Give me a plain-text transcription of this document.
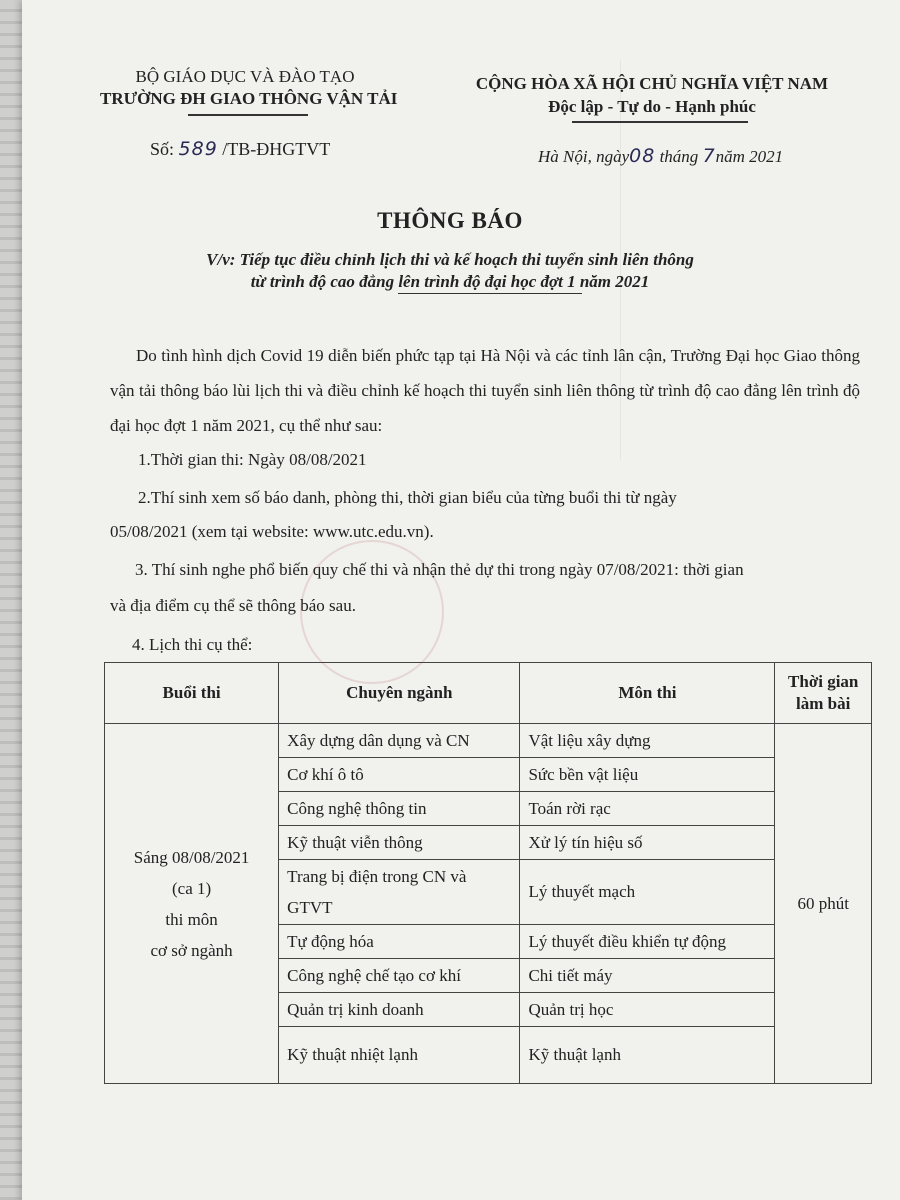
BỘ GIÁO DỤC VÀ ĐÀO TẠO
TRƯỜNG ĐH GIAO THÔNG VẬN TẢI
CỘNG HÒA XÃ HỘI CHỦ NGHĨA VIỆT NAM
Độc lập - Tự do - Hạnh phúc
Số: 589 /TB-ĐHGTVT	Hà Nội, ngày08 tháng 7năm 2021
THÔNG BÁO
V/v: Tiếp tục điều chỉnh lịch thi và kế hoạch thi tuyển sinh liên thông
từ trình độ cao đẳng lên trình độ đại học đợt 1 năm 2021
Do tình hình dịch Covid 19 diễn biến phức tạp tại Hà Nội và các tỉnh lân cận, Trường Đại học Giao thông vận tải thông báo lùi lịch thi và điều chỉnh kế hoạch thi tuyển sinh liên thông từ trình độ cao đẳng lên trình độ đại học đợt 1 năm 2021, cụ thể như sau:
1.Thời gian thi: Ngày 08/08/2021
2.Thí sinh xem số báo danh, phòng thi, thời gian biểu của từng buổi thi từ ngày
05/08/2021 (xem tại website: www.utc.edu.vn).
3. Thí sinh nghe phổ biến quy chế thi và nhận thẻ dự thi trong ngày 07/08/2021: thời gian
và địa điểm cụ thể sẽ thông báo sau.
4. Lịch thi cụ thể:
Buổi thi	Chuyên ngành	Môn thi	Thời gian
làm bài

Sáng 08/08/2021
(ca 1)
thi môn
cơ sở ngành	Xây dựng dân dụng và CN	Vật liệu xây dựng	60 phút
	Cơ khí ô tô	Sức bền vật liệu	
	Công nghệ thông tin	Toán rời rạc	
	Kỹ thuật viễn thông	Xử lý tín hiệu số	
	Trang bị điện trong CN và GTVT	Lý thuyết mạch	
	Tự động hóa	Lý thuyết điều khiển tự động	
	Công nghệ chế tạo cơ khí	Chi tiết máy	
	Quản trị kinh doanh	Quản trị học	
	Kỹ thuật nhiệt lạnh	Kỹ thuật lạnh	
